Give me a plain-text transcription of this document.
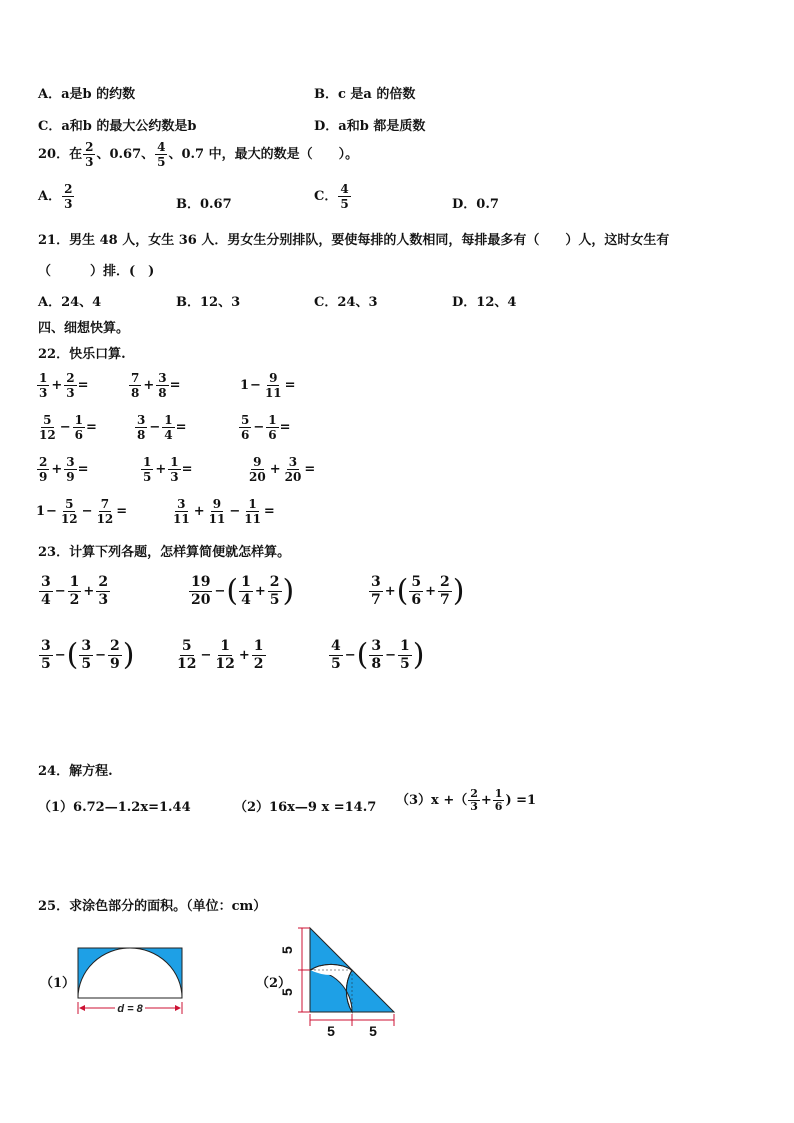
A．a是b 的约数	B．c 是a 的倍数
C．a和b 的最大公约数是b	D．a和b 都是质数
20．在 $\frac{2}{3}$ 、0.67、 $\frac{4}{5}$ 、0.7 中，最大的数是（　　）。
A． $\frac{2}{3}$	B．0.67
C． $\frac{4}{5}$	D．0.7
21．男生 48 人，女生 36 人．男女生分别排队，要使每排的人数相同，每排最多有（　　）人，这时女生有
（　　　）排．(　)
A．24、4	B．12、3	C．24、3	D．12、4
四、细想快算。
22．快乐口算.
$\frac{1}{3} + \frac{2}{3}$ =	$\frac{7}{8} + \frac{3}{8}$ =	$1- \frac{9}{11}$ =
$\frac{5}{12} - \frac{1}{6}$ =	$\frac{3}{8} - \frac{1}{4}$ =	$\frac{5}{6} - \frac{1}{6}$ =
$\frac{2}{9} + \frac{3}{9}$ =	$\frac{1}{5} + \frac{1}{3}$ =	$\frac{9}{20} + \frac{3}{20}$ =
$1- \frac{5}{12} - \frac{7}{12}$ =	$\frac{3}{11} + \frac{9}{11} - \frac{1}{11}$ =
23．计算下列各题，怎样算简便就怎样算。
$\frac{3}{4} - \frac{1}{2} + \frac{2}{3}$	$\frac{19}{20}$ −( $\frac{1}{4} + \frac{2}{5}$ )	$\frac{3}{7}$ +( $\frac{5}{6} + \frac{2}{7}$ )
$\frac{3}{5}$ −( $\frac{3}{5} - \frac{2}{9}$ )	$\frac{5}{12} - \frac{1}{12} + \frac{1}{2}$	$\frac{4}{5}$ −( $\frac{3}{8} - \frac{1}{5}$ )
24．解方程.
（1）6.72—1.2x=1.44	（2）16x—9 x =14.7 （3）x +（ $\frac{2}{3} + \frac{1}{6}$ ) =1
25．求涂色部分的面积。（单位：cm）
（1）	（2）
d = 8
5
5
5 5
